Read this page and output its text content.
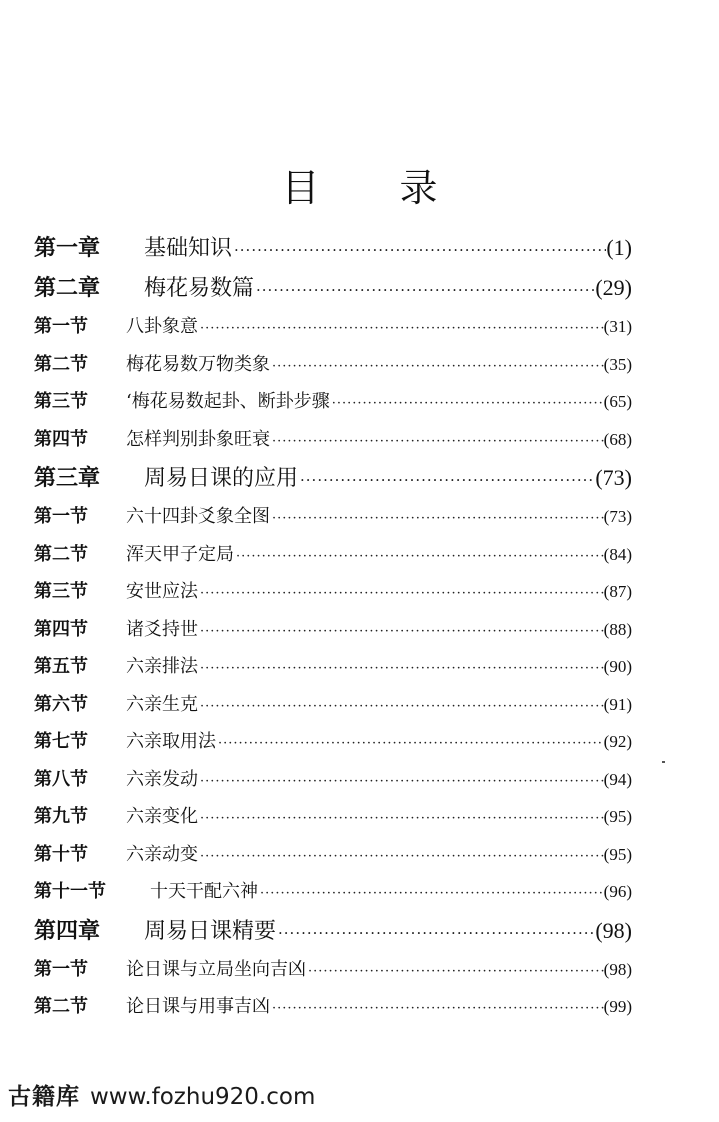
目录
第一章	基础知识 ·····	(1)
第二章	梅花易数篇 ·····	(29)
第一节	八卦象意 ·····	(31)
第二节	梅花易数万物类象 ·····	(35)
第三节	‘梅花易数起卦、断卦步骤 ·····	(65)
第四节	怎样判别卦象旺衰 ·····	(68)
第三章	周易日课的应用 ·····	(73)
第一节	六十四卦爻象全图 ·····	(73)
第二节	浑天甲子定局 ·····	(84)
第三节	安世应法 ·····	(87)
第四节	诸爻持世 ·····	(88)
第五节	六亲排法 ·····	(90)
第六节	六亲生克 ·····	(91)
第七节	六亲取用法 ·····	(92)
第八节	六亲发动 ·····	(94)
第九节	六亲变化 ·····	(95)
第十节	六亲动变 ·····	(95)
第十一节	十天干配六神 ·····	(96)
第四章	周易日课精要 ·····	(98)
第一节	论日课与立局坐向吉凶 ·····	(98)
第二节	论日课与用事吉凶 ·····	(99)
古籍库 www.fozhu920.com
